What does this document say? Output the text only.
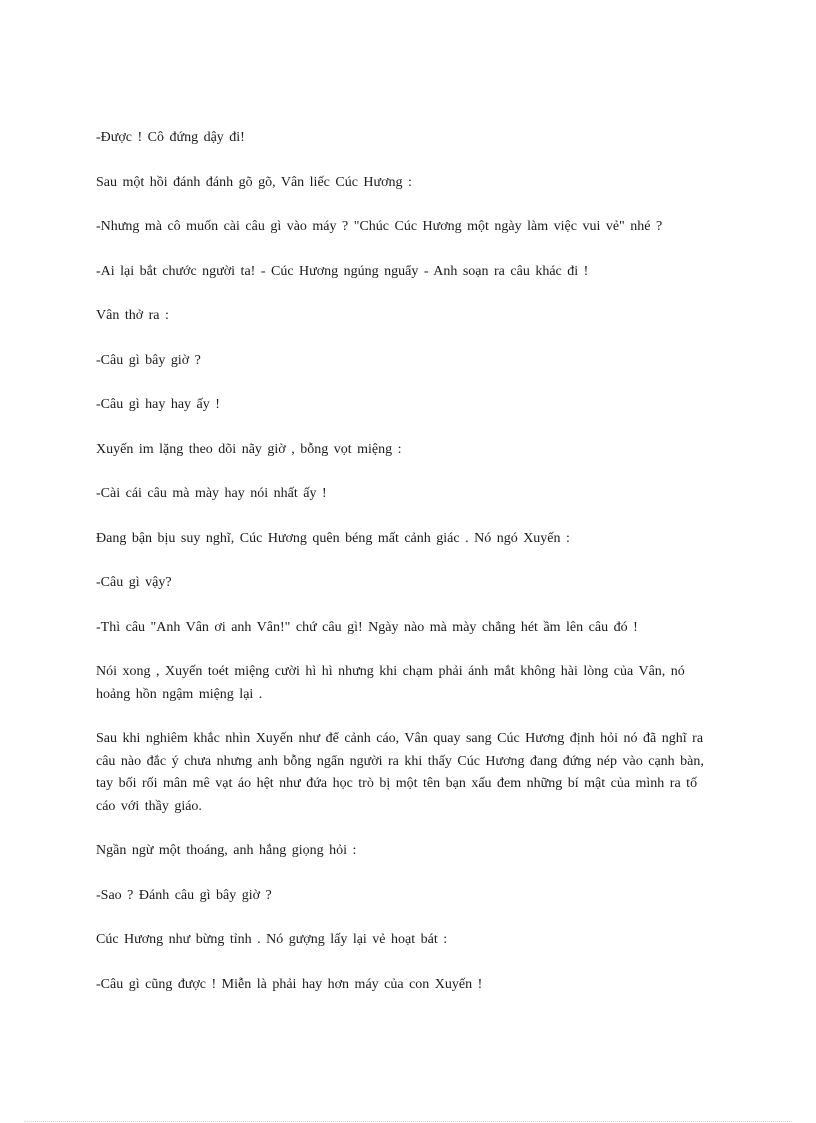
-Được ! Cô đứng dậy đi!

Sau một hồi đánh đánh gõ gõ, Vân liếc Cúc Hương :

-Nhưng mà cô muốn cài câu gì vào máy ? "Chúc Cúc Hương một ngày làm việc vui vẻ" nhé ?

-Ai lại bắt chước người ta! - Cúc Hương ngúng nguẩy - Anh soạn ra câu khác đi !

Vân thở ra :

-Câu gì bây giờ ?

-Câu gì hay hay ấy !

Xuyến im lặng theo dõi nãy giờ , bỗng vọt miệng :

-Cài cái câu mà mày hay nói nhất ấy !

Đang bận bịu suy nghĩ, Cúc Hương quên béng mất cảnh giác . Nó ngó Xuyến :

-Câu gì vậy?

-Thì câu "Anh Vân ơi anh Vân!" chứ câu gì! Ngày nào mà mày chẳng hét ầm lên câu đó !

Nói xong , Xuyến toét miệng cười hì hì nhưng khi chạm phải ánh mắt không hài lòng của Vân, nó hoảng hồn ngậm miệng lại .

Sau khi nghiêm khắc nhìn Xuyến như để cảnh cáo, Vân quay sang Cúc Hương định hỏi nó đã nghĩ ra câu nào đắc ý chưa nhưng anh bỗng ngẩn người ra khi thấy Cúc Hương đang đứng nép vào cạnh bàn, tay bối rối mân mê vạt áo hệt như đứa học trò bị một tên bạn xấu đem những bí mật của mình ra tố cáo với thầy giáo.

Ngần ngừ một thoáng, anh hắng giọng hỏi :

-Sao ? Đánh câu gì bây giờ ?

Cúc Hương như bừng tỉnh . Nó gượng lấy lại vẻ hoạt bát :

-Câu gì cũng được ! Miễn là phải hay hơn máy của con Xuyến !
